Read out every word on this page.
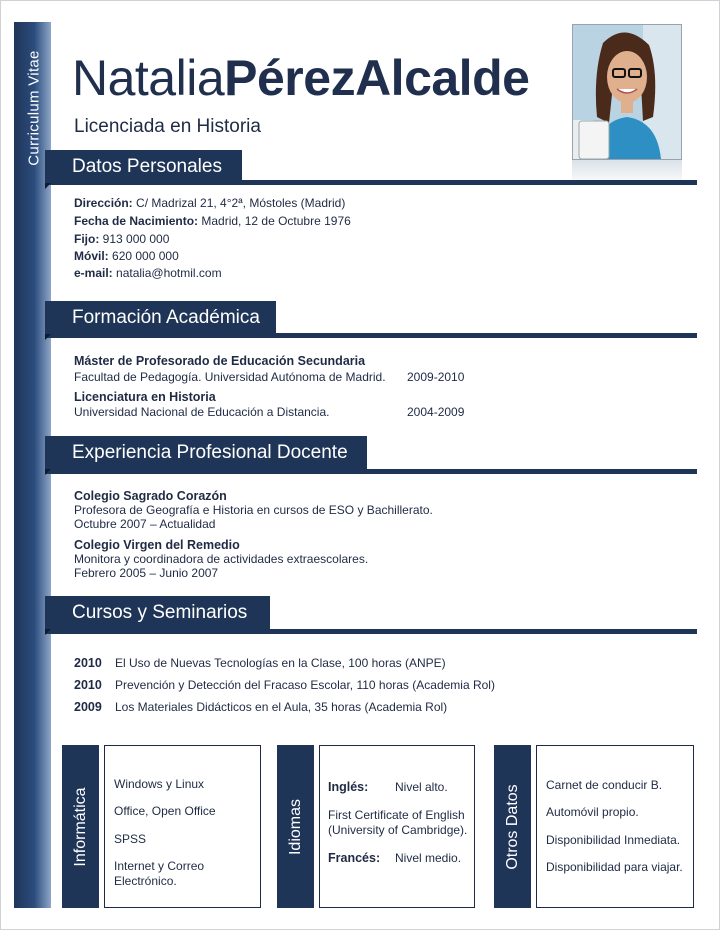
Curriculum Vitae NataliaPérezAlcalde
Licenciada en Historia
Datos Personales
Dirección: C/ Madrizal 21, 4°2ª, Móstoles (Madrid)
Fecha de Nacimiento: Madrid, 12 de Octubre 1976
Fijo: 913 000 000
Móvil: 620 000 000
e-mail: natalia@hotmil.com
Formación Académica
Máster de Profesorado de Educación Secundaria
Facultad de Pedagogía. Universidad Autónoma de Madrid. 2009-2010
Licenciatura en Historia
Universidad Nacional de Educación a Distancia.	2004-2009
Experiencia Profesional Docente
Colegio Sagrado Corazón
Profesora de Geografía e Historia en cursos de ESO y Bachillerato.
Octubre 2007 – Actualidad
Colegio Virgen del Remedio
Monitora y coordinadora de actividades extraescolares.
Febrero 2005 – Junio 2007
Cursos y Seminarios
2010 El Uso de Nuevas Tecnologías en la Clase, 100 horas (ANPE)
2010 Prevención y Detección del Fracaso Escolar, 110 horas (Academia Rol)
2009 Los Materiales Didácticos en el Aula, 35 horas (Academia Rol)
Informática
Windows y Linux
Office, Open Office
SPSS
Internet y Correo Electrónico.
Idiomas
Inglés: Nivel alto.
First Certificate of English (University of Cambridge).
Francés: Nivel medio.	Otros Datos Carnet de conducir B.
Automóvil propio.
Disponibilidad Inmediata.
Disponibilidad para viajar.
